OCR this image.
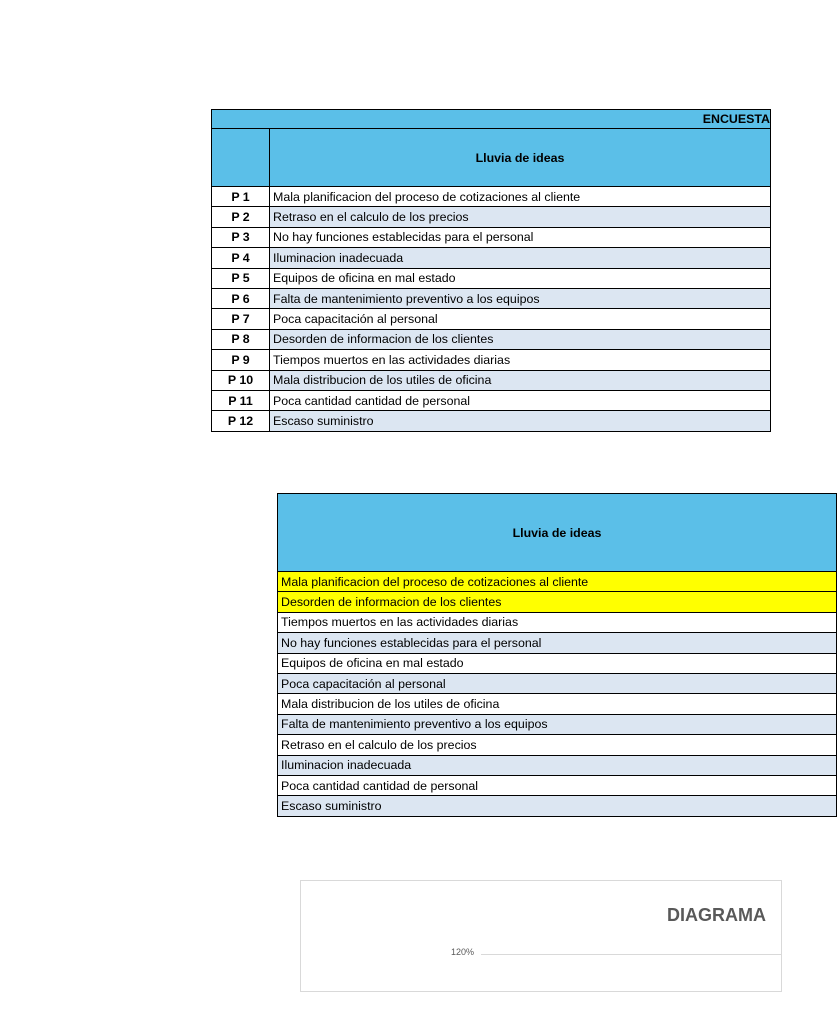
ENCUESTA	
	Lluvia de ideas
P 1	Mala planificacion del proceso de cotizaciones al cliente
P 2	Retraso en el calculo de los precios
P 3	No hay funciones establecidas para el personal
P 4	Iluminacion inadecuada
P 5	Equipos de oficina en mal estado
P 6	Falta de mantenimiento preventivo a los equipos
P 7	Poca capacitación al personal
P 8	Desorden de informacion de los clientes
P 9	Tiempos muertos en las actividades diarias
P 10	Mala distribucion de los utiles de oficina
P 11	Poca cantidad cantidad de personal
P 12	Escaso suministro
Lluvia de ideas
Mala planificacion del proceso de cotizaciones al cliente
Desorden de informacion de los clientes
Tiempos muertos en las actividades diarias
No hay funciones establecidas para el personal
Equipos de oficina en mal estado
Poca capacitación al personal
Mala distribucion de los utiles de oficina
Falta de mantenimiento preventivo a los equipos
Retraso en el calculo de los precios
Iluminacion inadecuada
Poca cantidad cantidad de personal
Escaso suministro
DIAGRAMA
120%
